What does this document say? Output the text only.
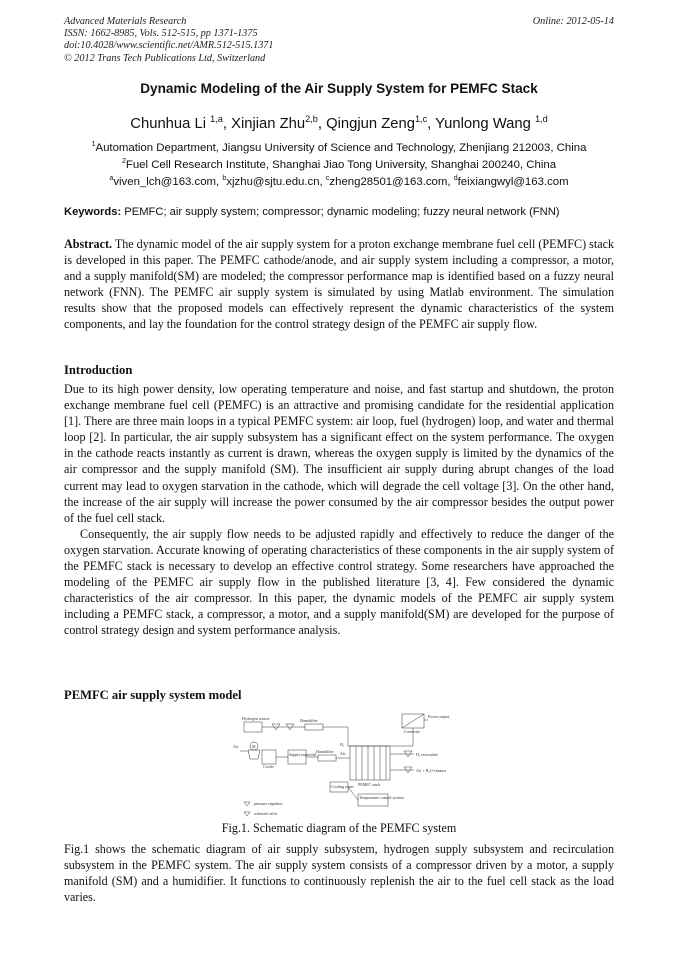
Advanced Materials Research
ISSN: 1662-8985, Vols. 512-515, pp 1371-1375
doi:10.4028/www.scientific.net/AMR.512-515.1371
© 2012 Trans Tech Publications Ltd, Switzerland
Online: 2012-05-14
Dynamic Modeling of the Air Supply System for PEMFC Stack
Chunhua Li $^{1,a}$, Xinjian Zhu$^{2,b}$, Qingjun Zeng$^{1,c}$, Yunlong Wang $^{1,d}$
$^1$Automation Department, Jiangsu University of Science and Technology, Zhenjiang 212003, China
$^2$Fuel Cell Research Institute, Shanghai Jiao Tong University, Shanghai 200240, China
$^a$viven_lch@163.com, $^b$xjzhu@sjtu.edu.cn, $^c$zheng28501@163.com, $^d$feixiangwyl@163.com
Keywords: PEMFC; air supply system; compressor; dynamic modeling; fuzzy neural network (FNN)

Abstract. The dynamic model of the air supply system for a proton exchange membrane fuel cell (PEMFC) stack is developed in this paper. The PEMFC cathode/anode, and air supply system including a compressor, a motor, and a supply manifold(SM) are modeled; the compressor performance map is identified based on a fuzzy neural network (FNN). The PEMFC air supply system is simulated by using Matlab environment. The simulation results show that the proposed models can effectively represent the dynamic characteristics of the system components, and lay the foundation for the control strategy design of the PEMFC air supply flow.

Introduction

Due to its high power density, low operating temperature and noise, and fast startup and shutdown, the proton exchange membrane fuel cell (PEMFC) is an attractive and promising candidate for the residential application [1]. There are three main loops in a typical PEMFC system: air loop, fuel (hydrogen) loop, and water and thermal loop [2]. In particular, the air supply subsystem has a significant effect on the system performance. The oxygen in the cathode reacts instantly as current is drawn, whereas the oxygen supply is limited by the dynamics of the air compressor and the supply manifold (SM). The insufficient air supply during abrupt changes of the load current may lead to oxygen starvation in the cathode, which will degrade the cell voltage [3]. On the other hand, the increase of the air supply will increase the power consumed by the air compressor besides the output power of the fuel cell stack.

Consequently, the air supply flow needs to be adjusted rapidly and effectively to reduce the danger of the oxygen starvation. Accurate knowing of operating characteristics of these components in the air supply system of the PEMFC stack is necessary to develop an effective control strategy. Some researchers have approached the modeling of the PEMFC air supply flow in the published literature [3, 4]. Few considered the dynamic characteristics of the air compressor. In this paper, the dynamic models of the PEMFC air supply system including a PEMFC stack, a compressor, a motor, and a supply manifold(SM) are developed for the purpose of control strategy design and system performance analysis.

PEMFC air supply system model
Hydrogen source	Humidifier
Converter
Power output
Air	M
Cooler
Supply manifold
Humidifier Air
H₂
PEMFC stack
H₂ recirculate
Air + H₂O exhaust
Cooling water
Temperature control system
pressure regulator
solenoid valve
Fig.1. Schematic diagram of the PEMFC system

Fig.1 shows the schematic diagram of air supply subsystem, hydrogen supply subsystem and recirculation subsystem in the PEMFC system. The air supply system consists of a compressor driven by a motor, a supply manifold (SM) and a humidifier. It functions to continuously replenish the air to the fuel cell stack as the load varies.
